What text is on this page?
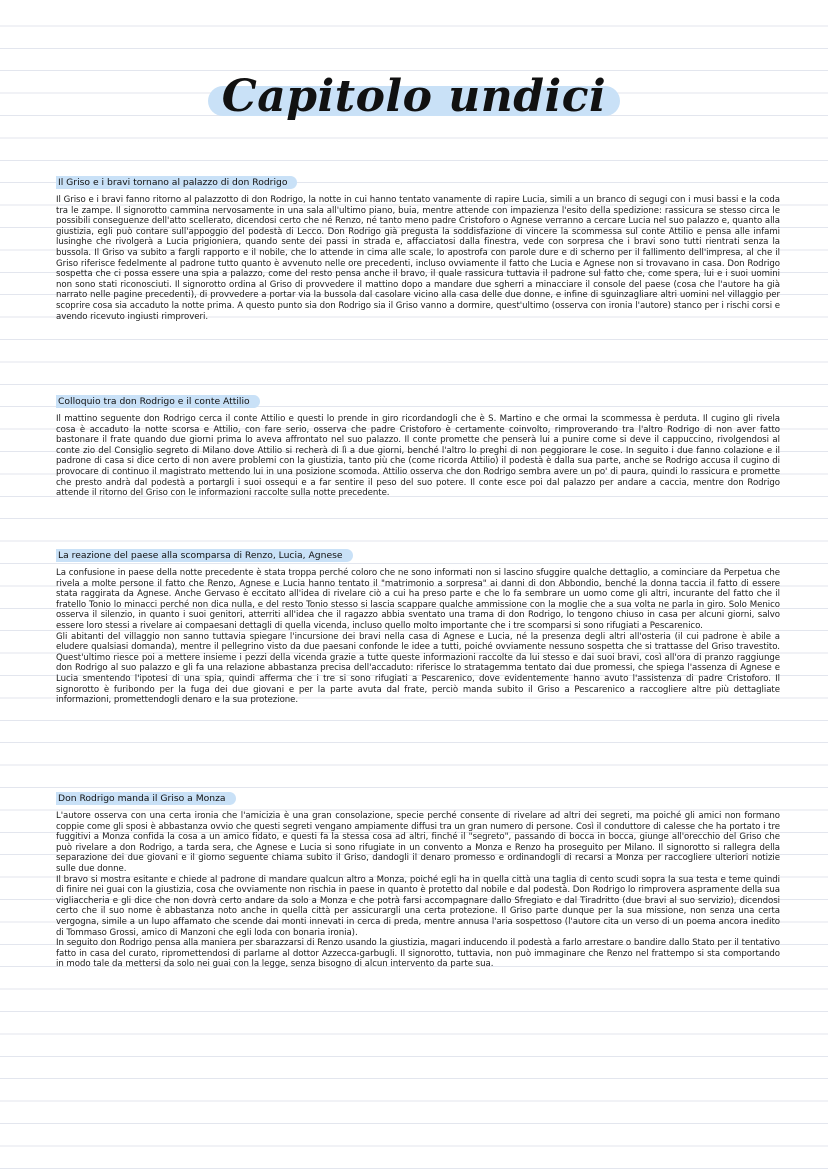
Capitolo undici
Il Griso e i bravi tornano al palazzo di don Rodrigo

Il Griso e i bravi fanno ritorno al palazzotto di don Rodrigo, la notte in cui hanno tentato vanamente di rapire Lucia, simili a un branco di segugi con i musi bassi e la coda tra le zampe. Il signorotto cammina nervosamente in una sala all'ultimo piano, buia, mentre attende con impazienza l'esito della spedizione: rassicura se stesso circa le possibili conseguenze dell'atto scellerato, dicendosi certo che né Renzo, né tanto meno padre Cristoforo o Agnese verranno a cercare Lucia nel suo palazzo e, quanto alla giustizia, egli può contare sull'appoggio del podestà di Lecco. Don Rodrigo già pregusta la soddisfazione di vincere la scommessa sul conte Attilio e pensa alle infami lusinghe che rivolgerà a Lucia prigioniera, quando sente dei passi in strada e, affacciatosi dalla finestra, vede con sorpresa che i bravi sono tutti rientrati senza la bussola. Il Griso va subito a fargli rapporto e il nobile, che lo attende in cima alle scale, lo apostrofa con parole dure e di scherno per il fallimento dell'impresa, al che il Griso riferisce fedelmente al padrone tutto quanto è avvenuto nelle ore precedenti, incluso ovviamente il fatto che Lucia e Agnese non si trovavano in casa. Don Rodrigo sospetta che ci possa essere una spia a palazzo, come del resto pensa anche il bravo, il quale rassicura tuttavia il padrone sul fatto che, come spera, lui e i suoi uomini non sono stati riconosciuti. Il signorotto ordina al Griso di provvedere il mattino dopo a mandare due sgherri a minacciare il console del paese (cosa che l'autore ha già narrato nelle pagine precedenti), di provvedere a portar via la bussola dal casolare vicino alla casa delle due donne, e infine di sguinzagliare altri uomini nel villaggio per scoprire cosa sia accaduto la notte prima. A questo punto sia don Rodrigo sia il Griso vanno a dormire, quest'ultimo (osserva con ironia l'autore) stanco per i rischi corsi e avendo ricevuto ingiusti rimproveri.

Colloquio tra don Rodrigo e il conte Attilio

Il mattino seguente don Rodrigo cerca il conte Attilio e questi lo prende in giro ricordandogli che è S. Martino e che ormai la scommessa è perduta. Il cugino gli rivela cosa è accaduto la notte scorsa e Attilio, con fare serio, osserva che padre Cristoforo è certamente coinvolto, rimproverando tra l'altro Rodrigo di non aver fatto bastonare il frate quando due giorni prima lo aveva affrontato nel suo palazzo. Il conte promette che penserà lui a punire come si deve il cappuccino, rivolgendosi al conte zio del Consiglio segreto di Milano dove Attilio si recherà di lì a due giorni, benché l'altro lo preghi di non peggiorare le cose. In seguito i due fanno colazione e il padrone di casa si dice certo di non avere problemi con la giustizia, tanto più che (come ricorda Attilio) il podestà è dalla sua parte, anche se Rodrigo accusa il cugino di provocare di continuo il magistrato mettendo lui in una posizione scomoda. Attilio osserva che don Rodrigo sembra avere un po' di paura, quindi lo rassicura e promette che presto andrà dal podestà a portargli i suoi ossequi e a far sentire il peso del suo potere. Il conte esce poi dal palazzo per andare a caccia, mentre don Rodrigo attende il ritorno del Griso con le informazioni raccolte sulla notte precedente.

La reazione del paese alla scomparsa di Renzo, Lucia, Agnese

La confusione in paese della notte precedente è stata troppa perché coloro che ne sono informati non si lascino sfuggire qualche dettaglio, a cominciare da Perpetua che rivela a molte persone il fatto che Renzo, Agnese e Lucia hanno tentato il "matrimonio a sorpresa" ai danni di don Abbondio, benché la donna taccia il fatto di essere stata raggirata da Agnese. Anche Gervaso è eccitato all'idea di rivelare ciò a cui ha preso parte e che lo fa sembrare un uomo come gli altri, incurante del fatto che il fratello Tonio lo minacci perché non dica nulla, e del resto Tonio stesso si lascia scappare qualche ammissione con la moglie che a sua volta ne parla in giro. Solo Menico osserva il silenzio, in quanto i suoi genitori, atterriti all'idea che il ragazzo abbia sventato una trama di don Rodrigo, lo tengono chiuso in casa per alcuni giorni, salvo essere loro stessi a rivelare ai compaesani dettagli di quella vicenda, incluso quello molto importante che i tre scomparsi si sono rifugiati a Pescarenico.

Gli abitanti del villaggio non sanno tuttavia spiegare l'incursione dei bravi nella casa di Agnese e Lucia, né la presenza degli altri all'osteria (il cui padrone è abile a eludere qualsiasi domanda), mentre il pellegrino visto da due paesani confonde le idee a tutti, poiché ovviamente nessuno sospetta che si trattasse del Griso travestito. Quest'ultimo riesce poi a mettere insieme i pezzi della vicenda grazie a tutte queste informazioni raccolte da lui stesso e dai suoi bravi, così all'ora di pranzo raggiunge don Rodrigo al suo palazzo e gli fa una relazione abbastanza precisa dell'accaduto: riferisce lo stratagemma tentato dai due promessi, che spiega l'assenza di Agnese e Lucia smentendo l'ipotesi di una spia, quindi afferma che i tre si sono rifugiati a Pescarenico, dove evidentemente hanno avuto l'assistenza di padre Cristoforo. Il signorotto è furibondo per la fuga dei due giovani e per la parte avuta dal frate, perciò manda subito il Griso a Pescarenico a raccogliere altre più dettagliate informazioni, promettendogli denaro e la sua protezione.

Don Rodrigo manda il Griso a Monza

L'autore osserva con una certa ironia che l'amicizia è una gran consolazione, specie perché consente di rivelare ad altri dei segreti, ma poiché gli amici non formano coppie come gli sposi è abbastanza ovvio che questi segreti vengano ampiamente diffusi tra un gran numero di persone. Così il conduttore di calesse che ha portato i tre fuggitivi a Monza confida la cosa a un amico fidato, e questi fa la stessa cosa ad altri, finché il "segreto", passando di bocca in bocca, giunge all'orecchio del Griso che può rivelare a don Rodrigo, a tarda sera, che Agnese e Lucia si sono rifugiate in un convento a Monza e Renzo ha proseguito per Milano. Il signorotto si rallegra della separazione dei due giovani e il giorno seguente chiama subito il Griso, dandogli il denaro promesso e ordinandogli di recarsi a Monza per raccogliere ulteriori notizie sulle due donne.

Il bravo si mostra esitante e chiede al padrone di mandare qualcun altro a Monza, poiché egli ha in quella città una taglia di cento scudi sopra la sua testa e teme quindi di finire nei guai con la giustizia, cosa che ovviamente non rischia in paese in quanto è protetto dal nobile e dal podestà. Don Rodrigo lo rimprovera aspramente della sua vigliaccheria e gli dice che non dovrà certo andare da solo a Monza e che potrà farsi accompagnare dallo Sfregiato e dal Tiradritto (due bravi al suo servizio), dicendosi certo che il suo nome è abbastanza noto anche in quella città per assicurargli una certa protezione. Il Griso parte dunque per la sua missione, non senza una certa vergogna, simile a un lupo affamato che scende dai monti innevati in cerca di preda, mentre annusa l'aria sospettoso (l'autore cita un verso di un poema ancora inedito di Tommaso Grossi, amico di Manzoni che egli loda con bonaria ironia).

In seguito don Rodrigo pensa alla maniera per sbarazzarsi di Renzo usando la giustizia, magari inducendo il podestà a farlo arrestare o bandire dallo Stato per il tentativo fatto in casa del curato, ripromettendosi di parlarne al dottor Azzecca-garbugli. Il signorotto, tuttavia, non può immaginare che Renzo nel frattempo si sta comportando in modo tale da mettersi da solo nei guai con la legge, senza bisogno di alcun intervento da parte sua.
